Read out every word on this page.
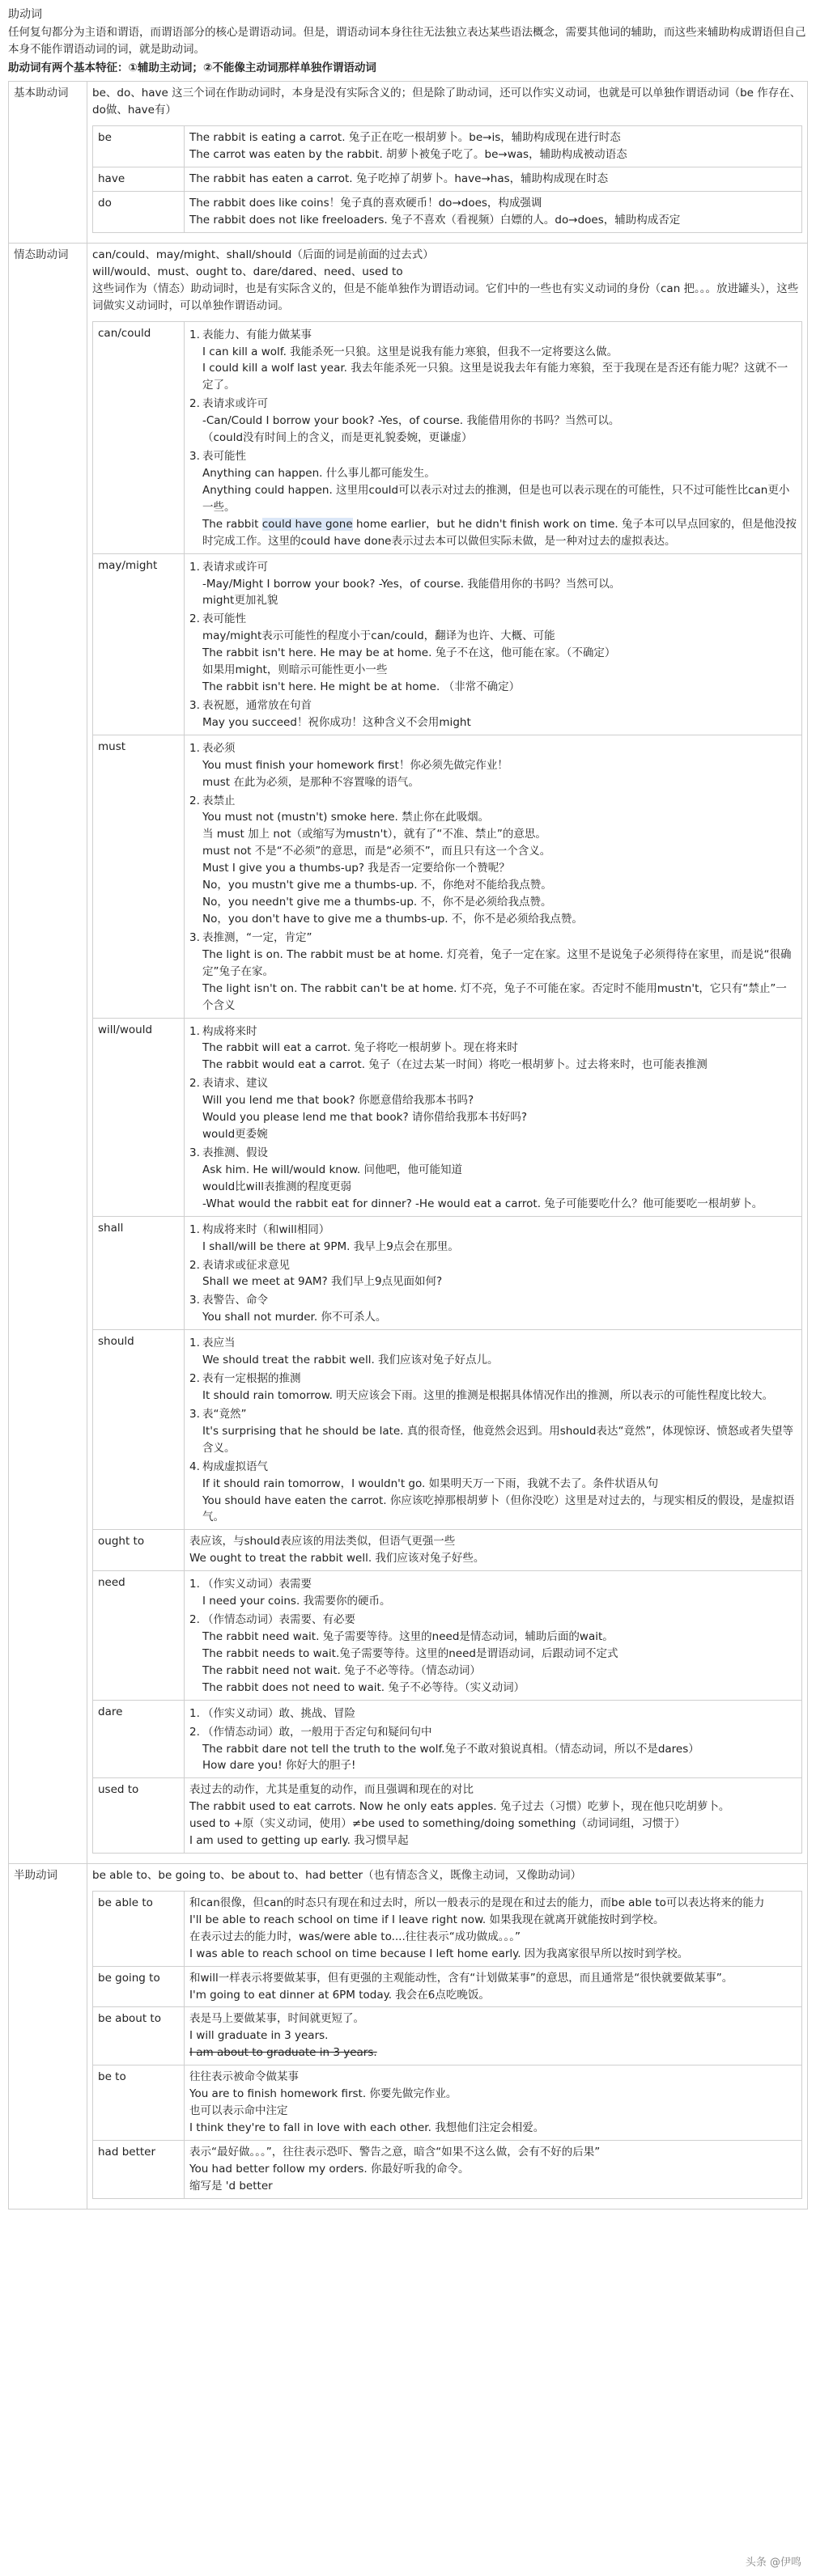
助动词

任何复句都分为主语和谓语，而谓语部分的核心是谓语动词。但是，谓语动词本身往往无法独立表达某些语法概念，需要其他词的辅助，而这些来辅助构成谓语但自己本身不能作谓语动词的词，就是助动词。

助动词有两个基本特征：①辅助主动词；②不能像主动词那样单独作谓语动词

基本助动词	be、do、have 这三个词在作助动词时，本身是没有实际含义的；但是除了助动词，还可以作实义动词，也就是可以单独作谓语动词（be 作存在、do做、have有）

be	The rabbit is eating a carrot. 兔子正在吃一根胡萝卜。be→is，辅助构成现在进行时态

The carrot was eaten by the rabbit. 胡萝卜被兔子吃了。be→was，辅助构成被动语态

have	The rabbit has eaten a carrot. 兔子吃掉了胡萝卜。have→has，辅助构成现在时态

do	The rabbit does like coins！兔子真的喜欢硬币！do→does，构成强调

The rabbit does not like freeloaders. 兔子不喜欢（看视频）白嫖的人。do→does，辅助构成否定

情态助动词	can/could、may/might、shall/should（后面的词是前面的过去式）

will/would、must、ought to、dare/dared、need、used to

这些词作为（情态）助动词时，也是有实际含义的，但是不能单独作为谓语动词。它们中的一些也有实义动词的身份（can 把。。。放进罐头），这些词做实义动词时，可以单独作谓语动词。

can/could	1. 表能力、有能力做某事

I can kill a wolf. 我能杀死一只狼。这里是说我有能力寒狼，但我不一定将要这么做。

I could kill a wolf last year. 我去年能杀死一只狼。这里是说我去年有能力寒狼，至于我现在是否还有能力呢？这就不一定了。

2. 表请求或许可

-Can/Could I borrow your book? -Yes，of course. 我能借用你的书吗？当然可以。

（could没有时间上的含义，而是更礼貌委婉，更谦虚）

3. 表可能性

Anything can happen. 什么事儿都可能发生。

Anything could happen. 这里用could可以表示对过去的推测，但是也可以表示现在的可能性，只不过可能性比can更小一些。

The rabbit could have gone home earlier，but he didn't finish work on time. 兔子本可以早点回家的，但是他没按时完成工作。这里的could have done表示过去本可以做但实际未做，是一种对过去的虚拟表达。

may/might	1. 表请求或许可

-May/Might I borrow your book? -Yes，of course. 我能借用你的书吗？当然可以。

might更加礼貌

2. 表可能性

may/might表示可能性的程度小于can/could，翻译为也许、大概、可能

The rabbit isn't here. He may be at home. 兔子不在这，他可能在家。（不确定）

如果用might，则暗示可能性更小一些

The rabbit isn't here. He might be at home. （非常不确定）

3. 表祝愿，通常放在句首

May you succeed！祝你成功！这种含义不会用might

must	1. 表必须

You must finish your homework first！你必须先做完作业！

must 在此为必须，是那种不容置喙的语气。

2. 表禁止

You must not (mustn't) smoke here. 禁止你在此吸烟。

当 must 加上 not（或缩写为mustn't），就有了“不准、禁止”的意思。

must not 不是“不必须”的意思，而是“必须不”，而且只有这一个含义。

Must I give you a thumbs-up? 我是否一定要给你一个赞呢？

No，you mustn't give me a thumbs-up. 不，你绝对不能给我点赞。

No，you needn't give me a thumbs-up. 不，你不是必须给我点赞。

No，you don't have to give me a thumbs-up. 不，你不是必须给我点赞。

3. 表推测，“一定，肯定”

The light is on. The rabbit must be at home. 灯亮着，兔子一定在家。这里不是说兔子必须得待在家里，而是说“很确定”兔子在家。

The light isn't on. The rabbit can't be at home. 灯不亮，兔子不可能在家。否定时不能用mustn't，它只有“禁止”一个含义

will/would	1. 构成将来时

The rabbit will eat a carrot. 兔子将吃一根胡萝卜。现在将来时

The rabbit would eat a carrot. 兔子（在过去某一时间）将吃一根胡萝卜。过去将来时，也可能表推测

2. 表请求、建议

Will you lend me that book? 你愿意借给我那本书吗?

Would you please lend me that book? 请你借给我那本书好吗?

would更委婉

3. 表推测、假设

Ask him. He will/would know. 问他吧，他可能知道

would比will表推测的程度更弱

-What would the rabbit eat for dinner? -He would eat a carrot. 兔子可能要吃什么？他可能要吃一根胡萝卜。

shall	1. 构成将来时（和will相同）

I shall/will be there at 9PM. 我早上9点会在那里。

2. 表请求或征求意见

Shall we meet at 9AM? 我们早上9点见面如何?

3. 表警告、命令

You shall not murder. 你不可杀人。

should	1. 表应当

We should treat the rabbit well. 我们应该对兔子好点儿。

2. 表有一定根据的推测

It should rain tomorrow. 明天应该会下雨。这里的推测是根据具体情况作出的推测，所以表示的可能性程度比较大。

3. 表“竟然”

It's surprising that he should be late. 真的很奇怪，他竟然会迟到。用should表达“竟然”，体现惊讶、愤怒或者失望等含义。

4. 构成虚拟语气

If it should rain tomorrow，I wouldn't go. 如果明天万一下雨，我就不去了。条件状语从句

You should have eaten the carrot. 你应该吃掉那根胡萝卜（但你没吃）这里是对过去的，与现实相反的假设，是虚拟语气。

ought to	表应该，与should表应该的用法类似，但语气更强一些

We ought to treat the rabbit well. 我们应该对兔子好些。

need	1. （作实义动词）表需要

I need your coins. 我需要你的硬币。

2. （作情态动词）表需要、有必要

The rabbit need wait. 兔子需要等待。这里的need是情态动词，辅助后面的wait。

The rabbit needs to wait.兔子需要等待。这里的need是谓语动词，后跟动词不定式

The rabbit need not wait. 兔子不必等待。（情态动词）

The rabbit does not need to wait. 兔子不必等待。（实义动词）

dare	1. （作实义动词）敢、挑战、冒险

2. （作情态动词）敢，一般用于否定句和疑问句中

The rabbit dare not tell the truth to the wolf.兔子不敢对狼说真相。（情态动词，所以不是dares）

How dare you! 你好大的胆子!

used to	表过去的动作，尤其是重复的动作，而且强调和现在的对比

The rabbit used to eat carrots. Now he only eats apples. 兔子过去（习惯）吃萝卜，现在他只吃胡萝卜。

used to +原（实义动词，使用）≠be used to something/doing something（动词词组，习惯于）

I am used to getting up early. 我习惯早起

半助动词	be able to、be going to、be about to、had better（也有情态含义，既像主动词，又像助动词）

be able to	和can很像，但can的时态只有现在和过去时，所以一般表示的是现在和过去的能力，而be able to可以表达将来的能力

I'll be able to reach school on time if I leave right now. 如果我现在就离开就能按时到学校。

在表示过去的能力时，was/were able to....往往表示“成功做成。。。”

I was able to reach school on time because I left home early. 因为我离家很早所以按时到学校。

be going to	和will一样表示将要做某事，但有更强的主观能动性，含有“计划做某事”的意思，而且通常是“很快就要做某事”。

I'm going to eat dinner at 6PM today. 我会在6点吃晚饭。

be about to	表是马上要做某事，时间就更短了。

I will graduate in 3 years.

I am about to graduate in 3 years.

be to	往往表示被命令做某事

You are to finish homework first. 你要先做完作业。

也可以表示命中注定

I think they're to fall in love with each other. 我想他们注定会相爱。

had better	表示“最好做。。。”，往往表示恐吓、警告之意，暗含“如果不这么做，会有不好的后果”

You had better follow my orders. 你最好听我的命令。

缩写是 'd better

头条 @伊鸣
